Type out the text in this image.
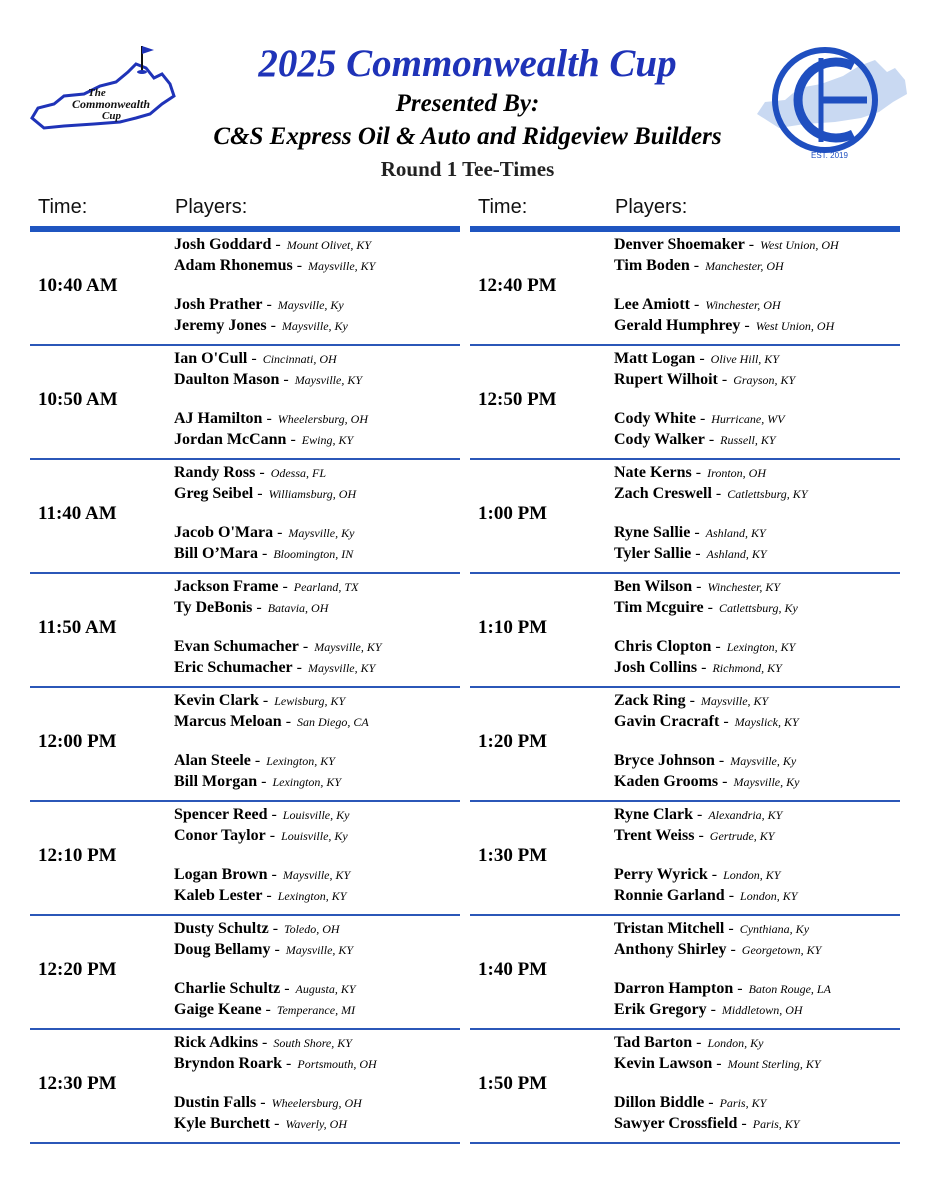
The
Commonwealth
Cup
EST. 2019
2025 Commonwealth Cup
Presented By:
C&S Express Oil & Auto and Ridgeview Builders
Round 1 Tee-Times
Time:	Players:
10:40 AM
Josh Goddard - Mount Olivet, KY
Adam Rhonemus - Maysville, KY
Josh Prather - Maysville, Ky
Jeremy Jones - Maysville, Ky
10:50 AM
Ian O'Cull - Cincinnati, OH
Daulton Mason - Maysville, KY
AJ Hamilton - Wheelersburg, OH
Jordan McCann - Ewing, KY
11:40 AM
Randy Ross - Odessa, FL
Greg Seibel - Williamsburg, OH
Jacob O'Mara - Maysville, Ky
Bill O’Mara - Bloomington, IN
11:50 AM
Jackson Frame - Pearland, TX
Ty DeBonis - Batavia, OH
Evan Schumacher - Maysville, KY
Eric Schumacher - Maysville, KY
12:00 PM
Kevin Clark - Lewisburg, KY
Marcus Meloan - San Diego, CA
Alan Steele - Lexington, KY
Bill Morgan - Lexington, KY
12:10 PM
Spencer Reed - Louisville, Ky
Conor Taylor - Louisville, Ky
Logan Brown - Maysville, KY
Kaleb Lester - Lexington, KY
12:20 PM
Dusty Schultz - Toledo, OH
Doug Bellamy - Maysville, KY
Charlie Schultz - Augusta, KY
Gaige Keane - Temperance, MI
12:30 PM
Rick Adkins - South Shore, KY
Bryndon Roark - Portsmouth, OH
Dustin Falls - Wheelersburg, OH
Kyle Burchett - Waverly, OH
Time:	Players:
12:40 PM
Denver Shoemaker - West Union, OH
Tim Boden - Manchester, OH
Lee Amiott - Winchester, OH
Gerald Humphrey - West Union, OH
12:50 PM
Matt Logan - Olive Hill, KY
Rupert Wilhoit - Grayson, KY
Cody White - Hurricane, WV
Cody Walker - Russell, KY
1:00 PM
Nate Kerns - Ironton, OH
Zach Creswell - Catlettsburg, KY
Ryne Sallie - Ashland, KY
Tyler Sallie - Ashland, KY
1:10 PM
Ben Wilson - Winchester, KY
Tim Mcguire - Catlettsburg, Ky
Chris Clopton - Lexington, KY
Josh Collins - Richmond, KY
1:20 PM
Zack Ring - Maysville, KY
Gavin Cracraft - Mayslick, KY
Bryce Johnson - Maysville, Ky
Kaden Grooms - Maysville, Ky
1:30 PM
Ryne Clark - Alexandria, KY
Trent Weiss - Gertrude, KY
Perry Wyrick - London, KY
Ronnie Garland - London, KY
1:40 PM
Tristan Mitchell - Cynthiana, Ky
Anthony Shirley - Georgetown, KY
Darron Hampton - Baton Rouge, LA
Erik Gregory - Middletown, OH
1:50 PM
Tad Barton - London, Ky
Kevin Lawson - Mount Sterling, KY
Dillon Biddle - Paris, KY
Sawyer Crossfield - Paris, KY
